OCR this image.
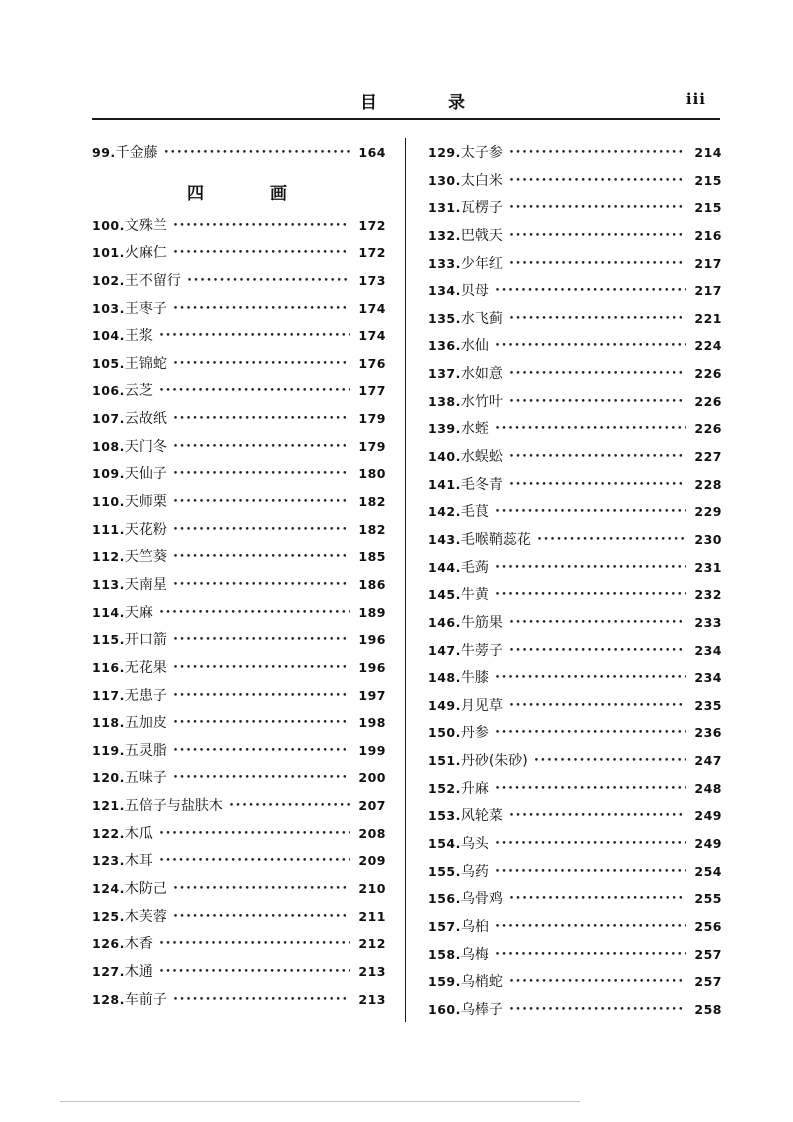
目	录	iii
99. 千金藤 •••••	164
四	画
100. 文殊兰 •••••	172
101. 火麻仁 •••••	172
102. 王不留行 •••••	173
103. 王枣子 •••••	174
104. 王浆 •••••	174
105. 王锦蛇 •••••	176
106. 云芝 •••••	177
107. 云故纸 •••••	179
108. 天门冬 •••••	179
109. 天仙子 •••••	180
110. 天师栗 •••••	182
111. 天花粉 •••••	182
112. 天竺葵 •••••	185
113. 天南星 •••••	186
114. 天麻 •••••	189
115. 开口箭 •••••	196
116. 无花果 •••••	196
117. 无患子 •••••	197
118. 五加皮 •••••	198
119. 五灵脂 •••••	199
120. 五味子 •••••	200
121. 五倍子与盐肤木 •••••	207
122. 木瓜 •••••	208
123. 木耳 •••••	209
124. 木防己 •••••	210
125. 木芙蓉 •••••	211
126. 木香 •••••	212
127. 木通 •••••	213
128. 车前子 •••••	213
129. 太子参 •••••	214
130. 太白米 •••••	215
131. 瓦楞子 •••••	215
132. 巴戟天 •••••	216
133. 少年红 •••••	217
134. 贝母 •••••	217
135. 水飞蓟 •••••	221
136. 水仙 •••••	224
137. 水如意 •••••	226
138. 水竹叶 •••••	226
139. 水蛭 •••••	226
140. 水蜈蚣 •••••	227
141. 毛冬青 •••••	228
142. 毛茛 •••••	229
143. 毛喉鞘蕊花 •••••	230
144. 毛蒟 •••••	231
145. 牛黄 •••••	232
146. 牛筋果 •••••	233
147. 牛蒡子 •••••	234
148. 牛膝 •••••	234
149. 月见草 •••••	235
150. 丹参 •••••	236
151. 丹砂(朱砂) •••••	247
152. 升麻 •••••	248
153. 风轮菜 •••••	249
154. 乌头 •••••	249
155. 乌药 •••••	254
156. 乌骨鸡 •••••	255
157. 乌桕 •••••	256
158. 乌梅 •••••	257
159. 乌梢蛇 •••••	257
160. 乌棒子 •••••	258
